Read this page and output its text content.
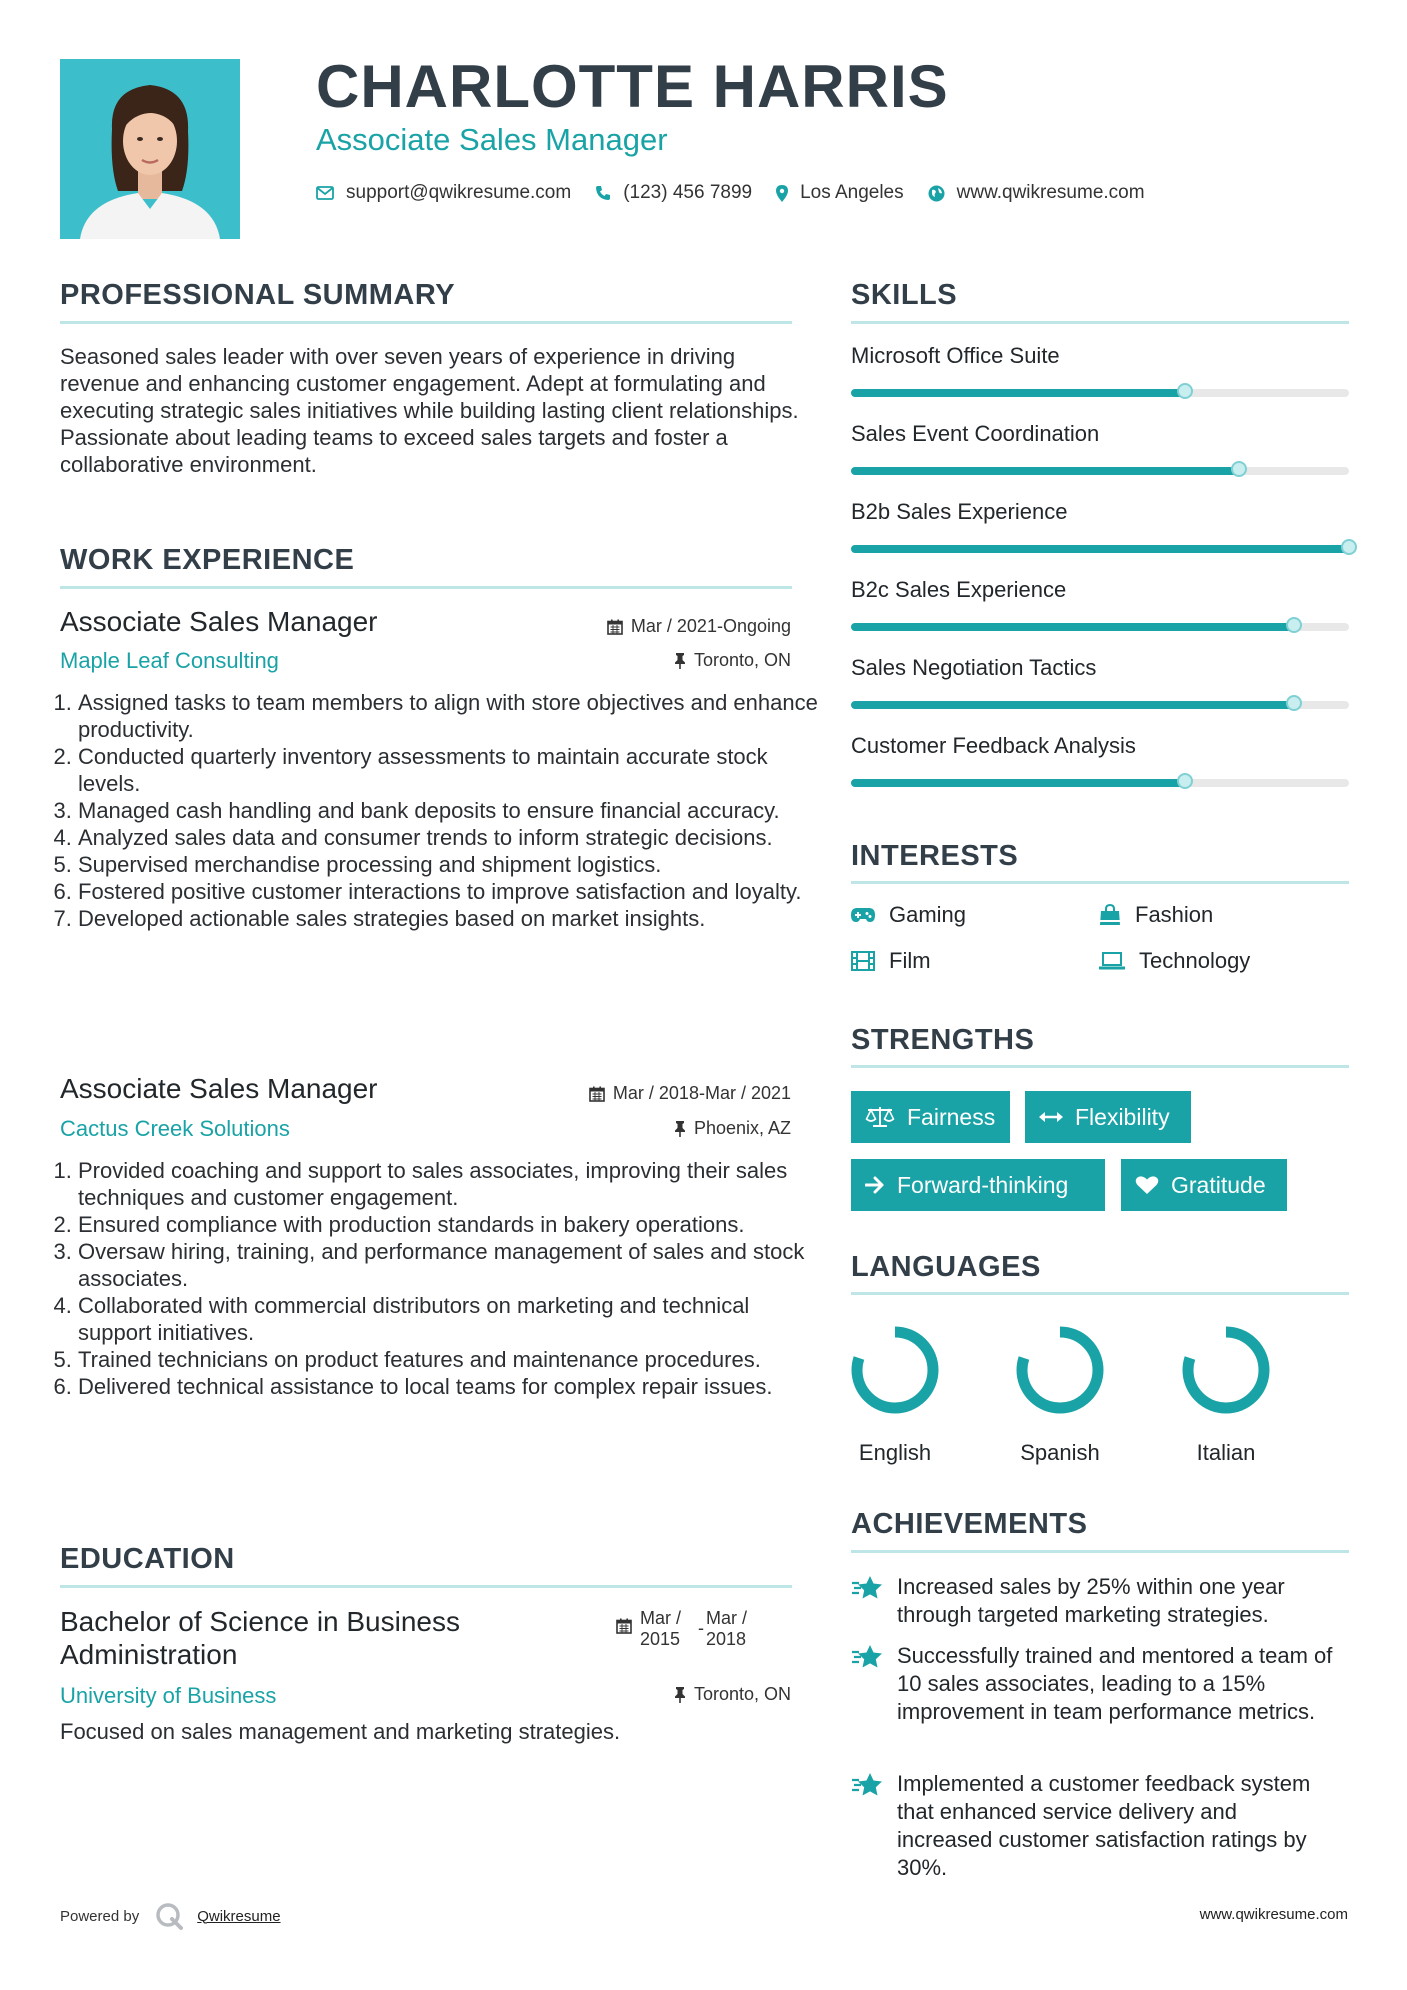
CHARLOTTE HARRIS
Associate Sales Manager
support@qwikresume.com	(123) 456 7899	Los Angeles	www.qwikresume.com
PROFESSIONAL SUMMARY
Seasoned sales leader with over seven years of experience in driving revenue and enhancing customer engagement. Adept at formulating and executing strategic sales initiatives while building lasting client relationships. Passionate about leading teams to exceed sales targets and foster a collaborative environment.
WORK EXPERIENCE
Associate Sales Manager	Mar / 2021-Ongoing
Maple Leaf Consulting	Toronto, ON
1. Assigned tasks to team members to align with store objectives and enhance productivity.
2. Conducted quarterly inventory assessments to maintain accurate stock levels.
3. Managed cash handling and bank deposits to ensure financial accuracy.
4. Analyzed sales data and consumer trends to inform strategic decisions.
5. Supervised merchandise processing and shipment logistics.
6. Fostered positive customer interactions to improve satisfaction and loyalty.
7. Developed actionable sales strategies based on market insights.
Associate Sales Manager	Mar / 2018-Mar / 2021
Cactus Creek Solutions	Phoenix, AZ
1. Provided coaching and support to sales associates, improving their sales techniques and customer engagement.
2. Ensured compliance with production standards in bakery operations.
3. Oversaw hiring, training, and performance management of sales and stock associates.
4. Collaborated with commercial distributors on marketing and technical support initiatives.
5. Trained technicians on product features and maintenance procedures.
6. Delivered technical assistance to local teams for complex repair issues.
EDUCATION
Bachelor of Science in Business Administration
Mar / 2015
- Mar / 2018
University of Business	Toronto, ON
Focused on sales management and marketing strategies.
SKILLS
Microsoft Office Suite
Sales Event Coordination
B2b Sales Experience
B2c Sales Experience
Sales Negotiation Tactics
Customer Feedback Analysis
INTERESTS
Gaming	Fashion
Film	Technology
STRENGTHS
Fairness	Flexibility
Forward-thinking	Gratitude
LANGUAGES
English	Spanish	Italian
ACHIEVEMENTS
Increased sales by 25% within one year through targeted marketing strategies.
Successfully trained and mentored a team of 10 sales associates, leading to a 15% improvement in team performance metrics.
Implemented a customer feedback system that enhanced service delivery and increased customer satisfaction ratings by 30%.
Powered by	Qwikresume	www.qwikresume.com
